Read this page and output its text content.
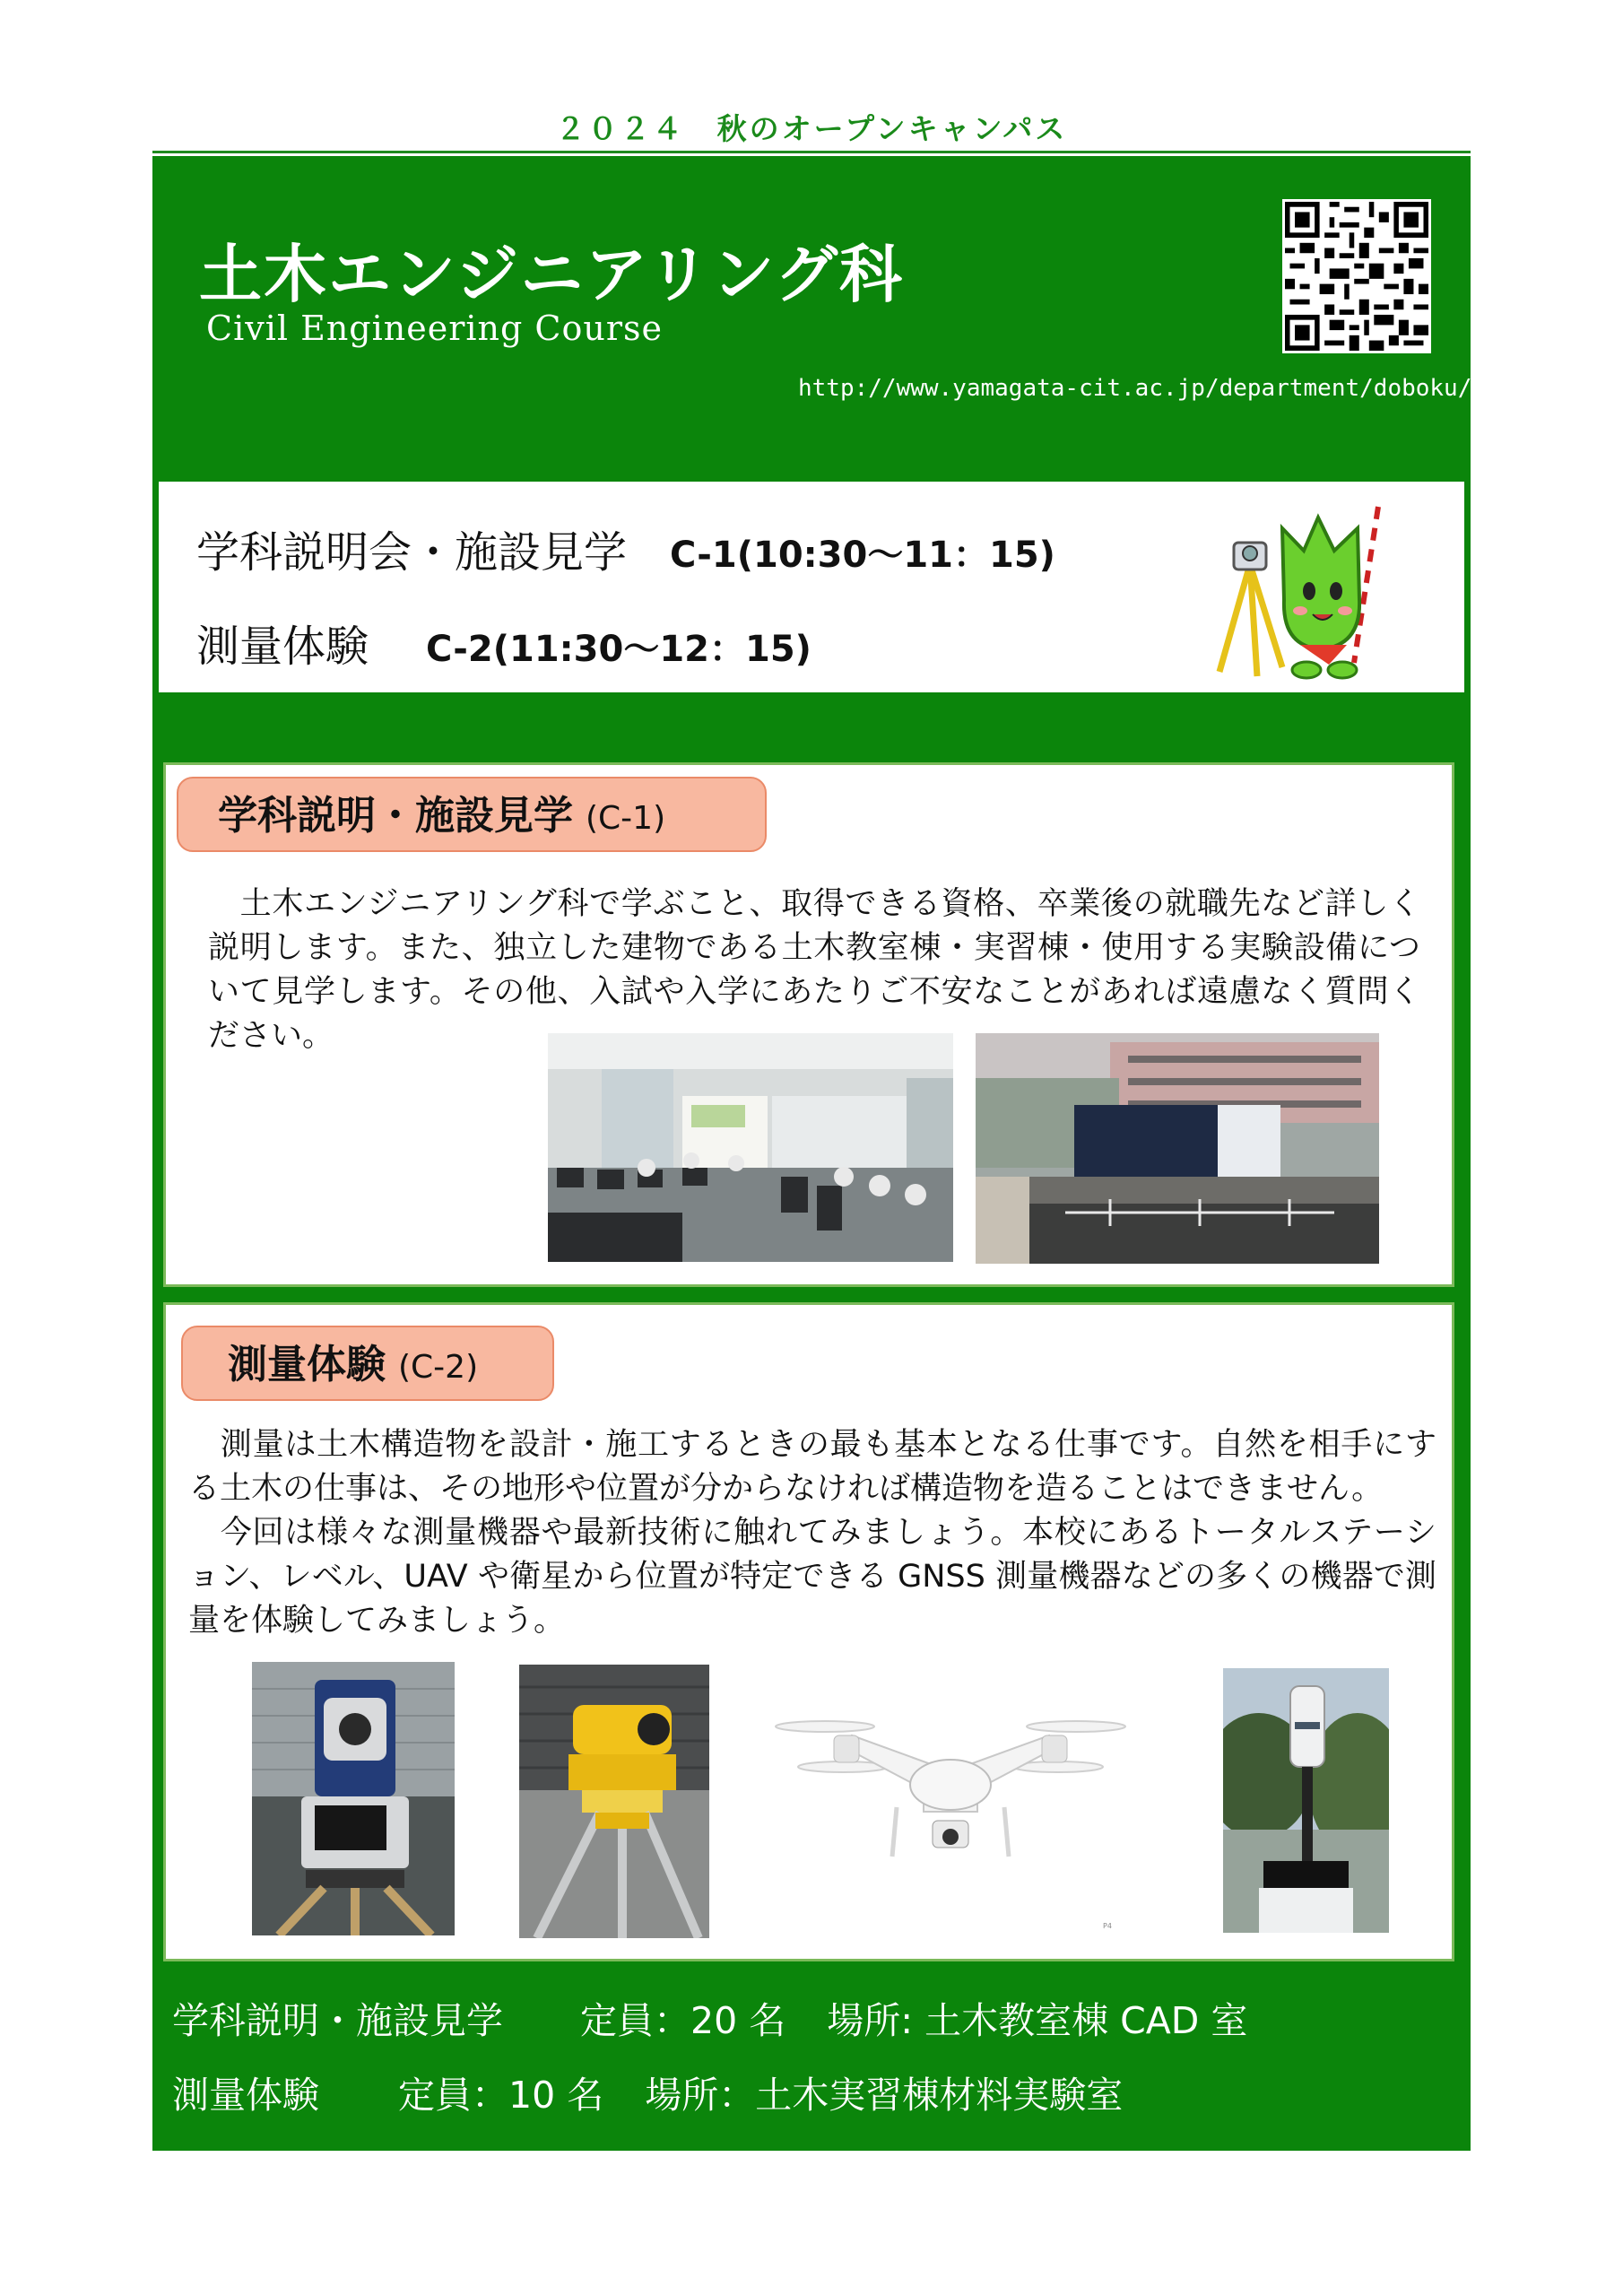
２０２４　秋のオープンキャンパス
土木エンジニアリング科
Civil Engineering Course
http://www.yamagata-cit.ac.jp/department/doboku/
学科説明会・施設見学 C-1(10:30〜11：15)
測量体験 C-2(11:30〜12：15)
学科説明・施設見学 (C-1)
　土木エンジニアリング科で学ぶこと、取得できる資格、卒業後の就職先など詳しく説明します。また、独立した建物である土木教室棟・実習棟・使用する実験設備について見学します。その他、入試や入学にあたりご不安なことがあれば遠慮なく質問ください。
測量体験 (C-2)
　測量は土木構造物を設計・施工するときの最も基本となる仕事です。自然を相手にする土木の仕事は、その地形や位置が分からなければ構造物を造ることはできません。
　今回は様々な測量機器や最新技術に触れてみましょう。本校にあるトータルステーション、レベル、UAV や衛星から位置が特定できる GNSS 測量機器などの多くの機器で測量を体験してみましょう。
P4
学科説明・施設見学 定員：20 名 場所: 土木教室棟 CAD 室
測量体験 定員：10 名 場所：土木実習棟材料実験室
